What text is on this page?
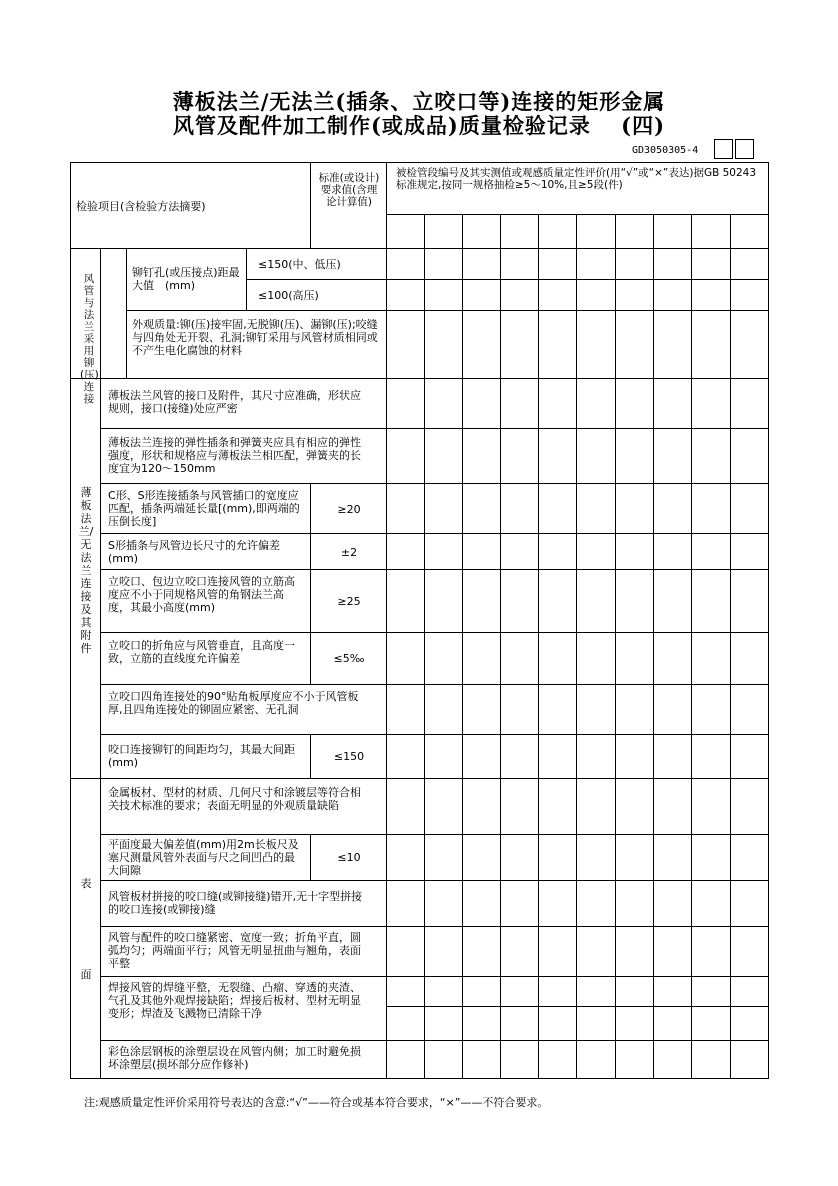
薄板法兰/无法兰(插条、立咬口等)连接的矩形金属
风管及配件加工制作(或成品)质量检验记录　 (四)
GD3050305-4
检验项目(含检验方法摘要)
标准(或设计)要求值(含理论计算值)
被检管段编号及其实测值或观感质量定性评价(用“√”或“×”表达)据GB 50243标准规定,按同一规格抽检≥5～10%,且≥5段(件)
风管与法兰采用铆(压)连接
铆钉孔(或压接点)距最大值　(mm)
≤150(中、低压)
≤100(高压)
外观质量:铆(压)接牢固,无脱铆(压)、漏铆(压);咬缝与四角处无开裂、孔洞;铆钉采用与风管材质相同或不产生电化腐蚀的材料
薄板法兰/无法兰连接及其附件
薄板法兰风管的接口及附件，其尺寸应准确，形状应规则，接口(接缝)处应严密
薄板法兰连接的弹性插条和弹簧夹应具有相应的弹性强度，形状和规格应与薄板法兰相匹配，弹簧夹的长度宜为120～150mm
C形、S形连接插条与风管插口的宽度应匹配，插条两端延长量[(mm),即两端的压倒长度]
≥20
S形插条与风管边长尺寸的允许偏差(mm)	±2
立咬口、包边立咬口连接风管的立筋高度应不小于同规格风管的角钢法兰高度，其最小高度(mm)	≥25
立咬口的折角应与风管垂直，且高度一致，立筋的直线度允许偏差	≤5‰
立咬口四角连接处的90°贴角板厚度应不小于风管板厚,且四角连接处的铆固应紧密、无孔洞
咬口连接铆钉的间距均匀，其最大间距　(mm)	≤150
表
面
金属板材、型材的材质、几何尺寸和涂镀层等符合相关技术标准的要求；表面无明显的外观质量缺陷
平面度最大偏差值(mm)用2m长板尺及塞尺测量风管外表面与尺之间凹凸的最大间隙
≤10
风管板材拼接的咬口缝(或铆接缝)错开,无十字型拼接的咬口连接(或铆接)缝
风管与配件的咬口缝紧密、宽度一致；折角平直，圆弧均匀；两端面平行；风管无明显扭曲与翘角，表面平整
焊接风管的焊缝平整，无裂缝、凸瘤、穿透的夹渣、气孔及其他外观焊接缺陷；焊接后板材、型材无明显变形；焊渣及飞溅物已清除干净
彩色涂层钢板的涂塑层设在风管内侧；加工时避免损坏涂塑层(损坏部分应作修补)
注:观感质量定性评价采用符号表达的含意:“√”——符合或基本符合要求，“×”——不符合要求。
